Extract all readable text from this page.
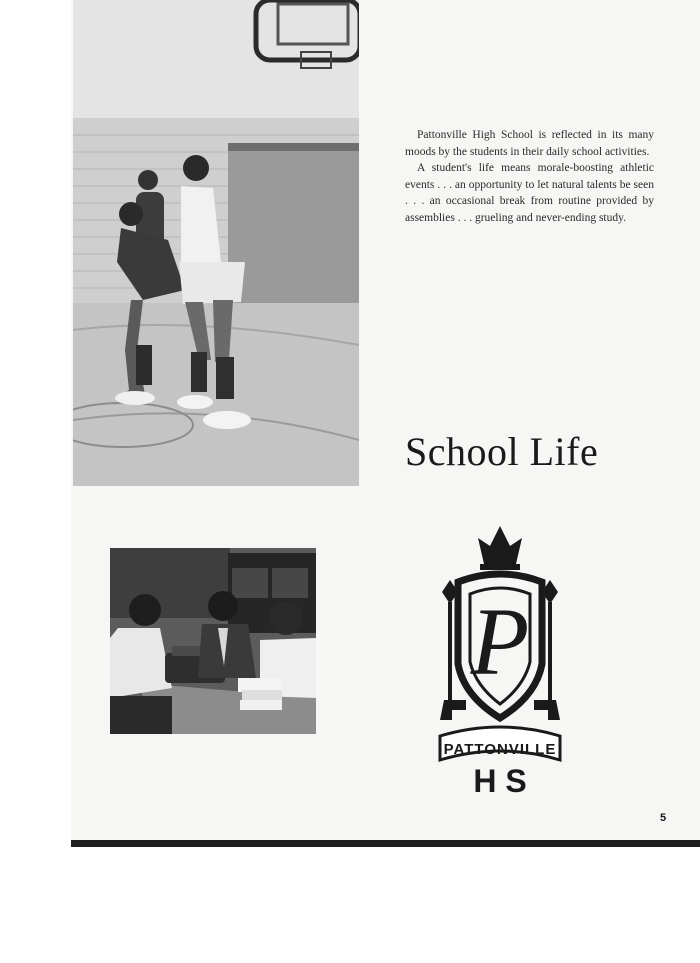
Pattonville High School is reflected in its many moods by the students in their daily school activities.

A student's life means morale-boosting athletic events . . . an opportunity to let natural talents be seen . . . an occasional break from routine provided by assemblies . . . grueling and never-ending study.

School Life
P
PATTONVILLE
H S
5
